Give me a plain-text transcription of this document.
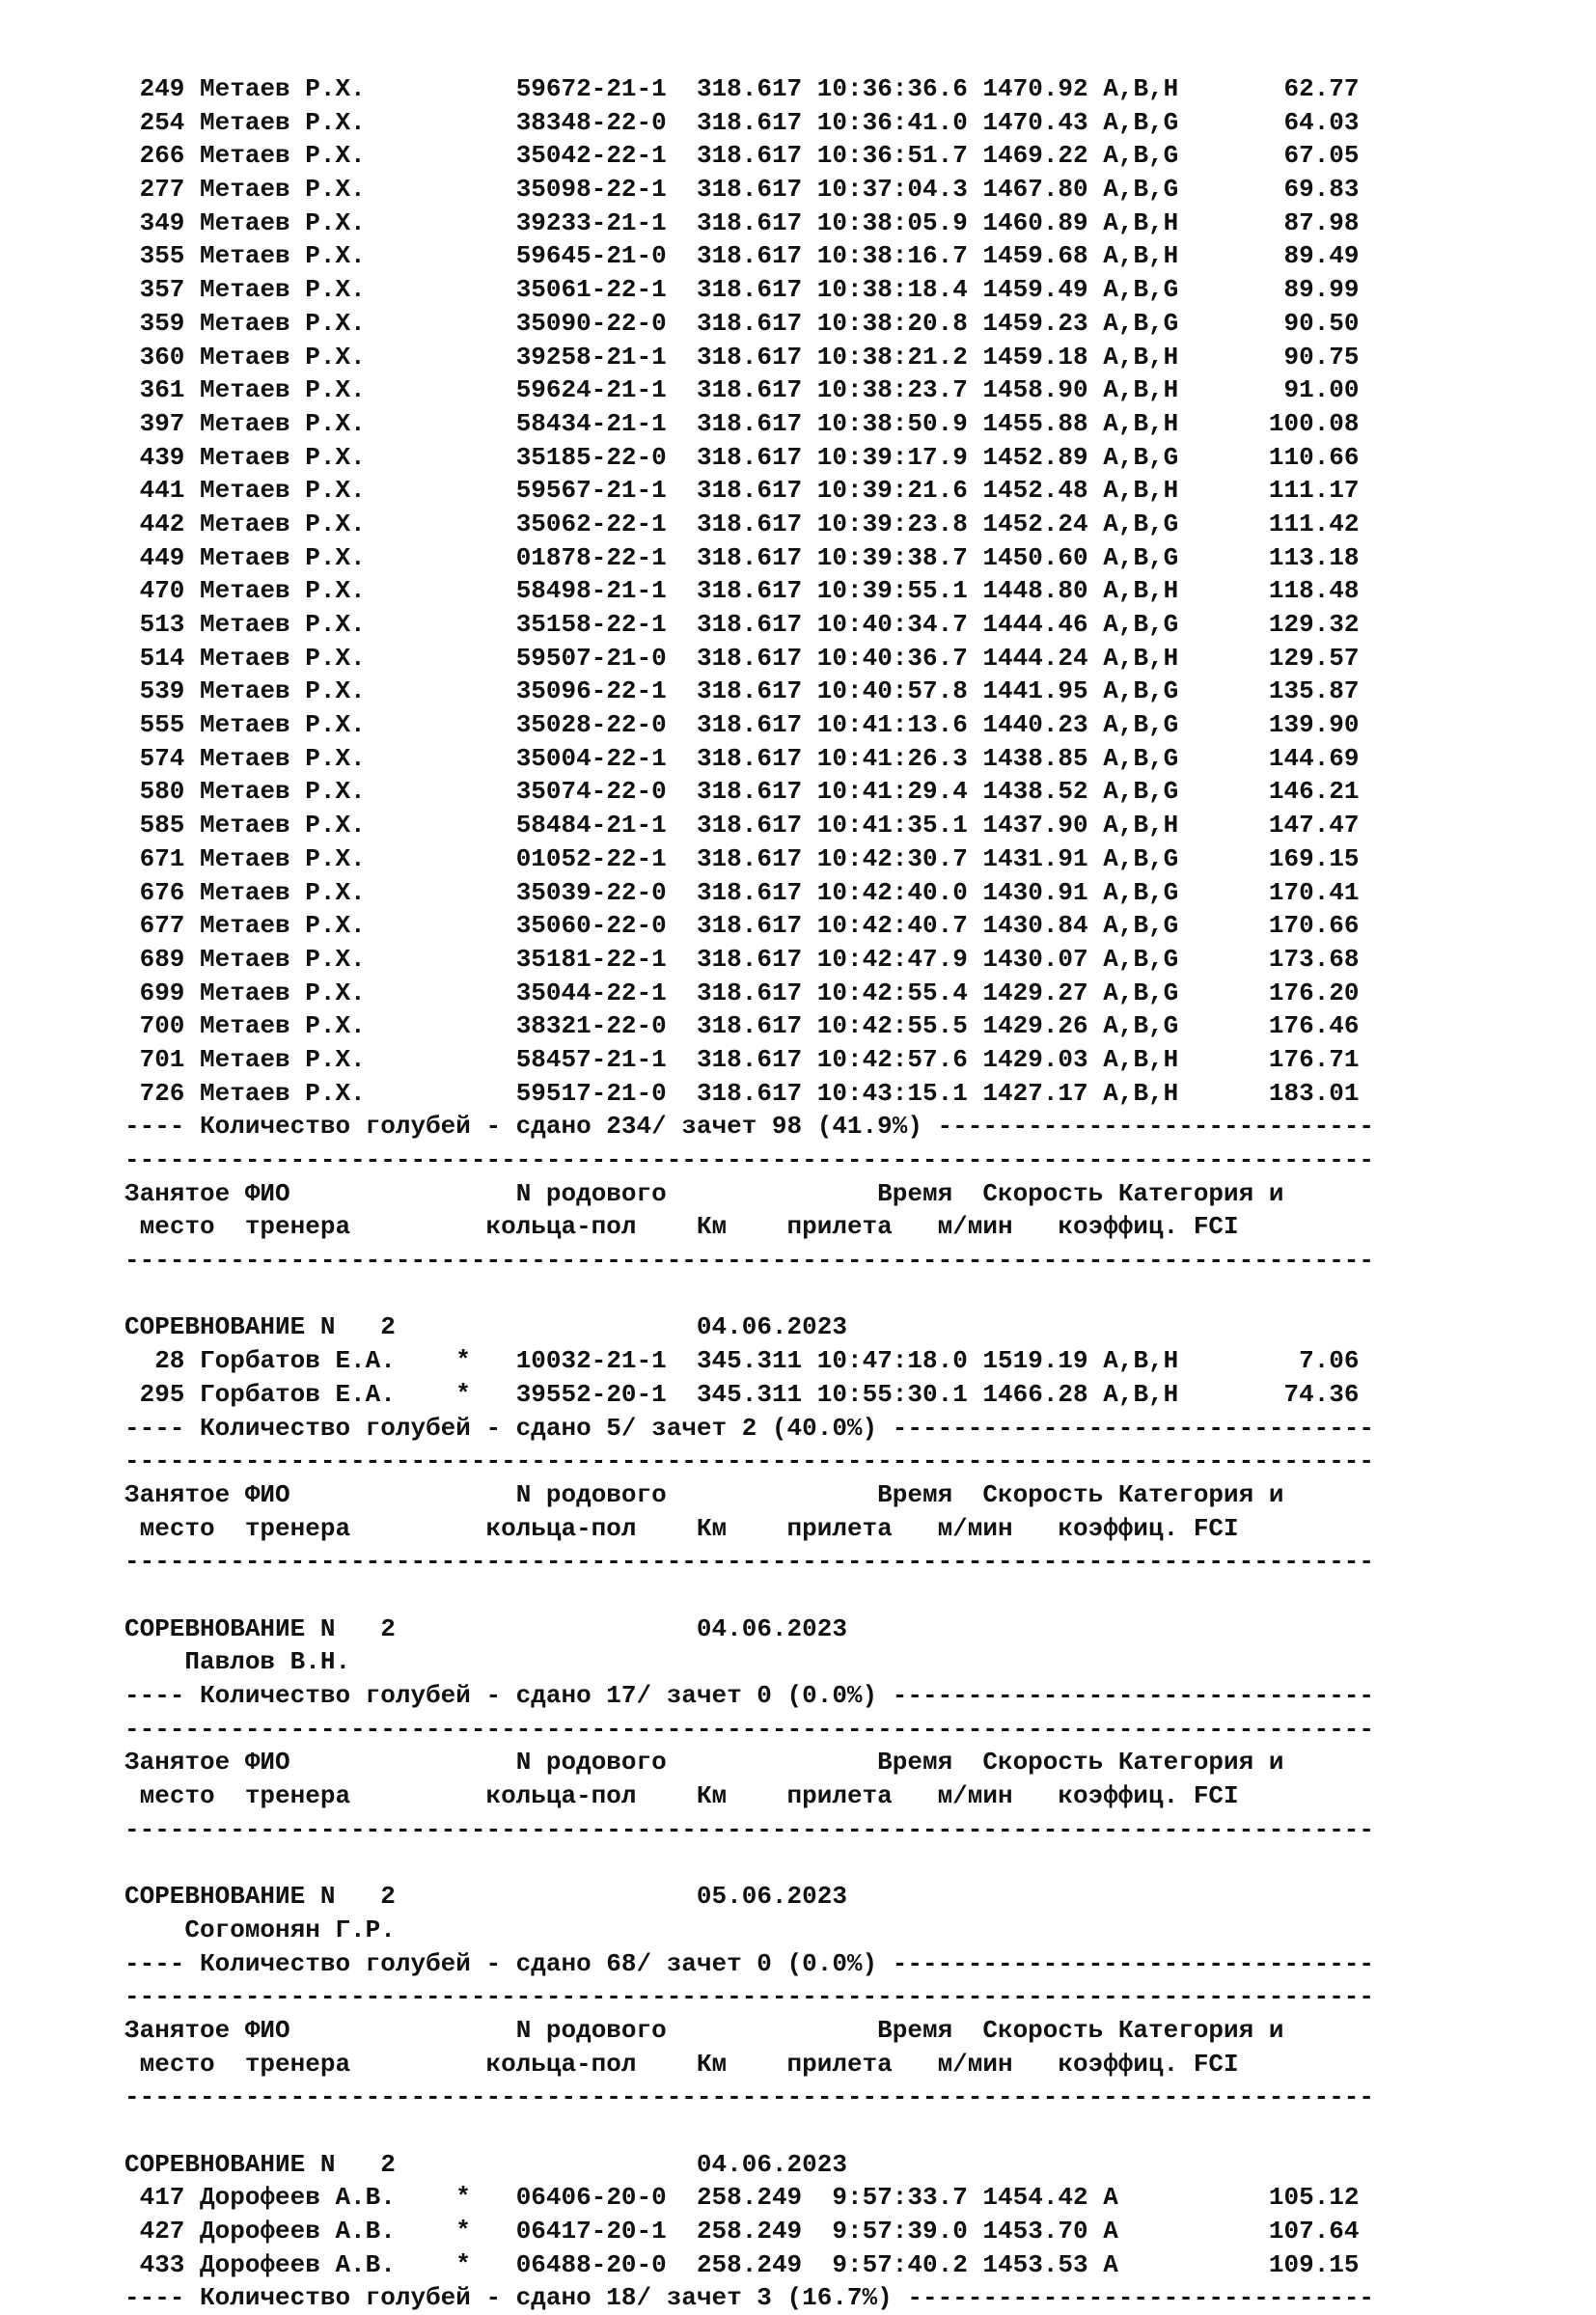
249 Метаев Р.Х.          59672-21-1  318.617 10:36:36.6 1470.92 A,B,H       62.77
254 Метаев Р.Х.          38348-22-0  318.617 10:36:41.0 1470.43 A,B,G       64.03
266 Метаев Р.Х.          35042-22-1  318.617 10:36:51.7 1469.22 A,B,G       67.05
277 Метаев Р.Х.          35098-22-1  318.617 10:37:04.3 1467.80 A,B,G       69.83
349 Метаев Р.Х.          39233-21-1  318.617 10:38:05.9 1460.89 A,B,H       87.98
355 Метаев Р.Х.          59645-21-0  318.617 10:38:16.7 1459.68 A,B,H       89.49
357 Метаев Р.Х.          35061-22-1  318.617 10:38:18.4 1459.49 A,B,G       89.99
359 Метаев Р.Х.          35090-22-0  318.617 10:38:20.8 1459.23 A,B,G       90.50
360 Метаев Р.Х.          39258-21-1  318.617 10:38:21.2 1459.18 A,B,H       90.75
361 Метаев Р.Х.          59624-21-1  318.617 10:38:23.7 1458.90 A,B,H       91.00
397 Метаев Р.Х.          58434-21-1  318.617 10:38:50.9 1455.88 A,B,H      100.08
439 Метаев Р.Х.          35185-22-0  318.617 10:39:17.9 1452.89 A,B,G      110.66
441 Метаев Р.Х.          59567-21-1  318.617 10:39:21.6 1452.48 A,B,H      111.17
442 Метаев Р.Х.          35062-22-1  318.617 10:39:23.8 1452.24 A,B,G      111.42
449 Метаев Р.Х.          01878-22-1  318.617 10:39:38.7 1450.60 A,B,G      113.18
470 Метаев Р.Х.          58498-21-1  318.617 10:39:55.1 1448.80 A,B,H      118.48
513 Метаев Р.Х.          35158-22-1  318.617 10:40:34.7 1444.46 A,B,G      129.32
514 Метаев Р.Х.          59507-21-0  318.617 10:40:36.7 1444.24 A,B,H      129.57
539 Метаев Р.Х.          35096-22-1  318.617 10:40:57.8 1441.95 A,B,G      135.87
555 Метаев Р.Х.          35028-22-0  318.617 10:41:13.6 1440.23 A,B,G      139.90
574 Метаев Р.Х.          35004-22-1  318.617 10:41:26.3 1438.85 A,B,G      144.69
580 Метаев Р.Х.          35074-22-0  318.617 10:41:29.4 1438.52 A,B,G      146.21
585 Метаев Р.Х.          58484-21-1  318.617 10:41:35.1 1437.90 A,B,H      147.47
671 Метаев Р.Х.          01052-22-1  318.617 10:42:30.7 1431.91 A,B,G      169.15
676 Метаев Р.Х.          35039-22-0  318.617 10:42:40.0 1430.91 A,B,G      170.41
677 Метаев Р.Х.          35060-22-0  318.617 10:42:40.7 1430.84 A,B,G      170.66
689 Метаев Р.Х.          35181-22-1  318.617 10:42:47.9 1430.07 A,B,G      173.68
699 Метаев Р.Х.          35044-22-1  318.617 10:42:55.4 1429.27 A,B,G      176.20
700 Метаев Р.Х.          38321-22-0  318.617 10:42:55.5 1429.26 A,B,G      176.46
701 Метаев Р.Х.          58457-21-1  318.617 10:42:57.6 1429.03 A,B,H      176.71
726 Метаев Р.Х.          59517-21-0  318.617 10:43:15.1 1427.17 A,B,H      183.01
---- Количество голубей - сдано 234/ зачет 98 (41.9%) -----------------------------
-----------------------------------------------------------------------------------
Занятое ФИО               N родового              Время  Скорость Категория и
место  тренера         кольца-пол    Км    прилета   м/мин   коэффиц. FCI
-----------------------------------------------------------------------------------

СОРЕВНОВАНИЕ N   2                    04.06.2023
28 Горбатов Е.А.    *   10032-21-1  345.311 10:47:18.0 1519.19 A,B,H        7.06
295 Горбатов Е.А.    *   39552-20-1  345.311 10:55:30.1 1466.28 A,B,H       74.36
---- Количество голубей - сдано 5/ зачет 2 (40.0%) --------------------------------
-----------------------------------------------------------------------------------
Занятое ФИО               N родового              Время  Скорость Категория и
место  тренера         кольца-пол    Км    прилета   м/мин   коэффиц. FCI
-----------------------------------------------------------------------------------

СОРЕВНОВАНИЕ N   2                    04.06.2023
Павлов В.Н.
---- Количество голубей - сдано 17/ зачет 0 (0.0%) --------------------------------
-----------------------------------------------------------------------------------
Занятое ФИО               N родового              Время  Скорость Категория и
место  тренера         кольца-пол    Км    прилета   м/мин   коэффиц. FCI
-----------------------------------------------------------------------------------

СОРЕВНОВАНИЕ N   2                    05.06.2023
Согомонян Г.Р.
---- Количество голубей - сдано 68/ зачет 0 (0.0%) --------------------------------
-----------------------------------------------------------------------------------
Занятое ФИО               N родового              Время  Скорость Категория и
место  тренера         кольца-пол    Км    прилета   м/мин   коэффиц. FCI
-----------------------------------------------------------------------------------

СОРЕВНОВАНИЕ N   2                    04.06.2023
417 Дорофеев А.В.    *   06406-20-0  258.249  9:57:33.7 1454.42 A          105.12
427 Дорофеев А.В.    *   06417-20-1  258.249  9:57:39.0 1453.70 A          107.64
433 Дорофеев А.В.    *   06488-20-0  258.249  9:57:40.2 1453.53 A          109.15
---- Количество голубей - сдано 18/ зачет 3 (16.7%) -------------------------------
